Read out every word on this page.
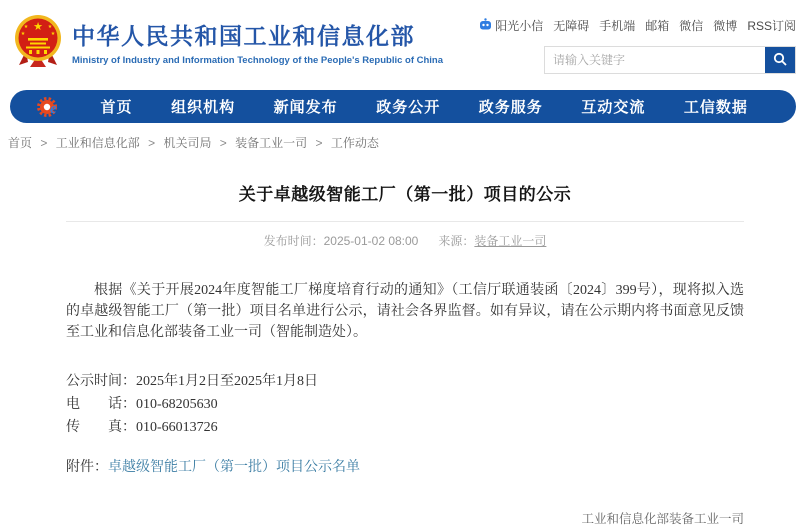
★
★	★
★	★ 中华人民共和国工业和信息化部
Ministry of Industry and Information Technology of the People's Republic of China
阳光小信 无障碍 手机端 邮箱 微信 微博 RSS订阅
请输入关键字
e	首页	组织机构	新闻发布	政务公开	政务服务	互动交流	工信数据
首页 > 工业和信息化部 > 机关司局 > 装备工业一司 > 工作动态
关于卓越级智能工厂（第一批）项目的公示
发布时间：2025-01-02 08:00 来源：装备工业一司

根据《关于开展2024年度智能工厂梯度培育行动的通知》（工信厅联通装函〔2024〕399号），现将拟入选的卓越级智能工厂（第一批）项目名单进行公示，请社会各界监督。如有异议，请在公示期内将书面意见反馈至工业和信息化部装备工业一司（智能制造处）。

公示时间：2025年1月2日至2025年1月8日

电　　话：010-68205630

传　　真：010-66013726

附件：卓越级智能工厂（第一批）项目公示名单

工业和信息化部装备工业一司
